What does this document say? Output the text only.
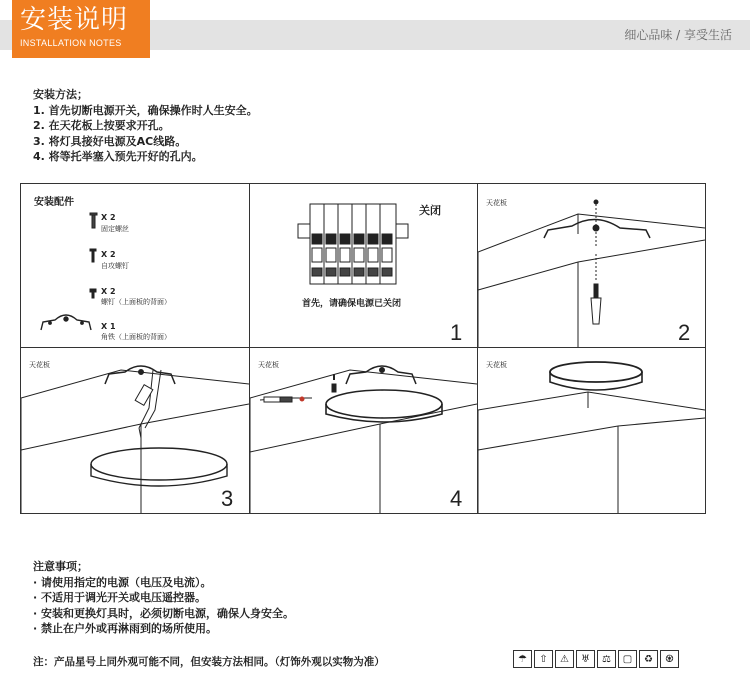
安装说明
INSTALLATION NOTES
细心品味 / 享受生活
安装方法；
1. 首先切断电源开关，确保操作时人生安全。
2. 在天花板上按要求开孔。
3. 将灯具接好电源及AC线路。
4. 将等托举塞入预先开好的孔内。
安装配件
X 2
固定螺丝
X 2
自攻螺钉
X 2
螺钉（上面板的背面）
X 1
角铁（上面板的背面）
关闭
首先，请确保电源已关闭
1
天花板
2
天花板
3
天花板
4
天花板
注意事项；
· 请使用指定的电源（电压及电流）。
· 不适用于调光开关或电压遥控器。
· 安装和更换灯具时，必须切断电源，确保人身安全。
· 禁止在户外或再淋雨到的场所使用。
注：产品星号上同外观可能不同，但安装方法相同。（灯饰外观以实物为准）	☂	⇧	⚠	♅	⚖	▢	♻	♼
